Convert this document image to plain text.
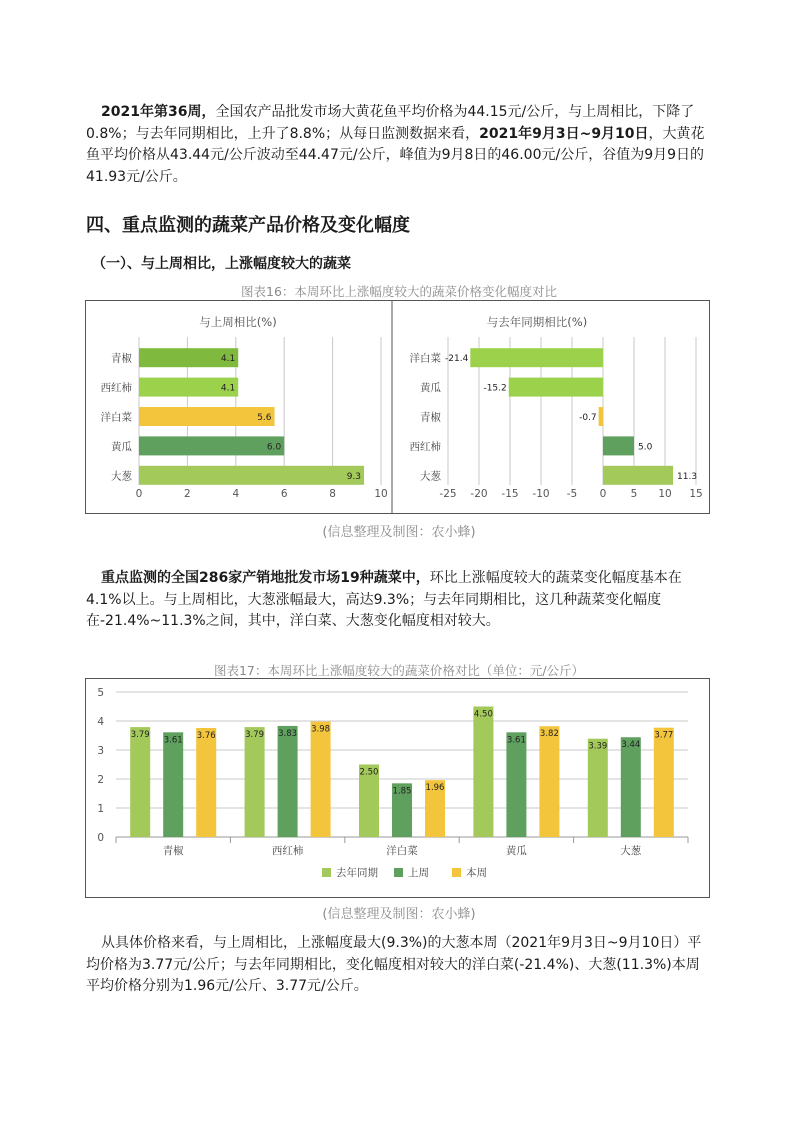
2021年第36周，全国农产品批发市场大黄花鱼平均价格为44.15元/公斤，与上周相比，下降了0.8%；与去年同期相比，上升了8.8%；从每日监测数据来看，2021年9月3日~9月10日，大黄花鱼平均价格从43.44元/公斤波动至44.47元/公斤，峰值为9月8日的46.00元/公斤，谷值为9月9日的41.93元/公斤。

四、重点监测的蔬菜产品价格及变化幅度
（一）、与上周相比，上涨幅度较大的蔬菜
图表16：本周环比上涨幅度较大的蔬菜价格变化幅度对比
与上周相比(%)
0	2	4	6	8	10
青椒	4.1
西红柿	4.1
洋白菜	5.6
黄瓜	6.0
大葱	9.3
与去年同期相比(%)
-25 -20 -15 -10 -5 0 5 10 15
洋白菜 -21.4
黄瓜	-15.2
青椒	-0.7
西红柿	5.0
大葱	11.3
(信息整理及制图：农小蜂)

重点监测的全国286家产销地批发市场19种蔬菜中，环比上涨幅度较大的蔬菜变化幅度基本在4.1%以上。与上周相比，大葱涨幅最大，高达9.3%；与去年同期相比，这几种蔬菜变化幅度在-21.4%~11.3%之间，其中，洋白菜、大葱变化幅度相对较大。

图表17：本周环比上涨幅度较大的蔬菜价格对比（单位：元/公斤）
0
1
2
3
4
5
青椒
3.79
3.61 3.76
西红柿
3.79 3.83 3.98
洋白菜
2.50
1.85 1.96
黄瓜
4.50
3.61
3.82
大葱
3.39 3.44
3.77
去年同期	上周	本周
(信息整理及制图：农小蜂)

从具体价格来看，与上周相比，上涨幅度最大(9.3%)的大葱本周（2021年9月3日~9月10日）平均价格为3.77元/公斤；与去年同期相比，变化幅度相对较大的洋白菜(-21.4%)、大葱(11.3%)本周平均价格分别为1.96元/公斤、3.77元/公斤。
